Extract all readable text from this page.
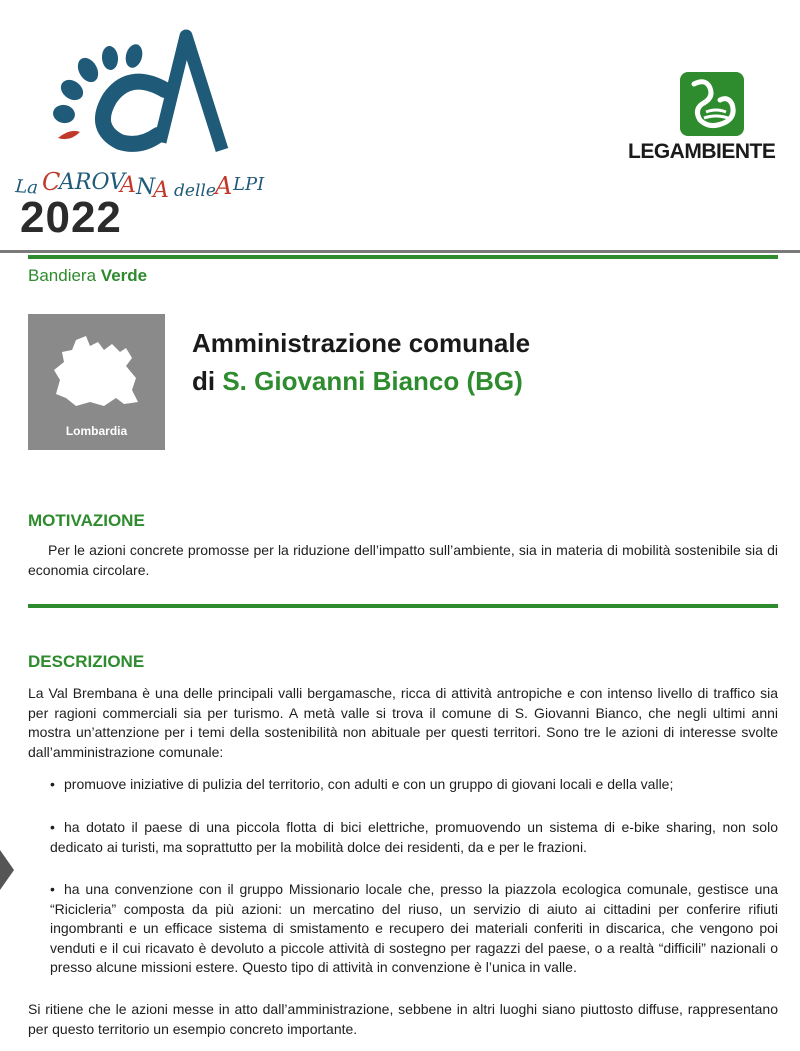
La C
AROV
A N
A delle A LPI
2022
LEGAMBIENTE
Bandiera Verde
Lombardia
Amministrazione comunale
di S. Giovanni Bianco (BG)
MOTIVAZIONE
Per le azioni concrete promosse per la riduzione dell’impatto sull’ambiente, sia in materia di mobilità sostenibile sia di economia circolare.
DESCRIZIONE
La Val Brembana è una delle principali valli bergamasche, ricca di attività antropiche e con intenso livello di traffico sia per ragioni commerciali sia per turismo. A metà valle si trova il comune di S. Giovanni Bianco, che negli ultimi anni mostra un’attenzione per i temi della sostenibilità non abituale per questi territori. Sono tre le azioni di interesse svolte dall’amministrazione comunale:
• promuove iniziative di pulizia del territorio, con adulti e con un gruppo di giovani locali e della valle;
• ha dotato il paese di una piccola flotta di bici elettriche, promuovendo un sistema di e-bike sharing, non solo dedicato ai turisti, ma soprattutto per la mobilità dolce dei residenti, da e per le frazioni.
• ha una convenzione con il gruppo Missionario locale che, presso la piazzola ecologica comunale, gestisce una “Ricicleria” composta da più azioni: un mercatino del riuso, un servizio di aiuto ai cittadini per conferire rifiuti ingombranti e un efficace sistema di smistamento e recupero dei materiali conferiti in discarica, che vengono poi venduti e il cui ricavato è devoluto a piccole attività di sostegno per ragazzi del paese, o a realtà “difficili” nazionali o presso alcune missioni estere. Questo tipo di attività in convenzione è l’unica in valle.
Si ritiene che le azioni messe in atto dall’amministrazione, sebbene in altri luoghi siano piuttosto diffuse, rappresentano per questo territorio un esempio concreto importante.
